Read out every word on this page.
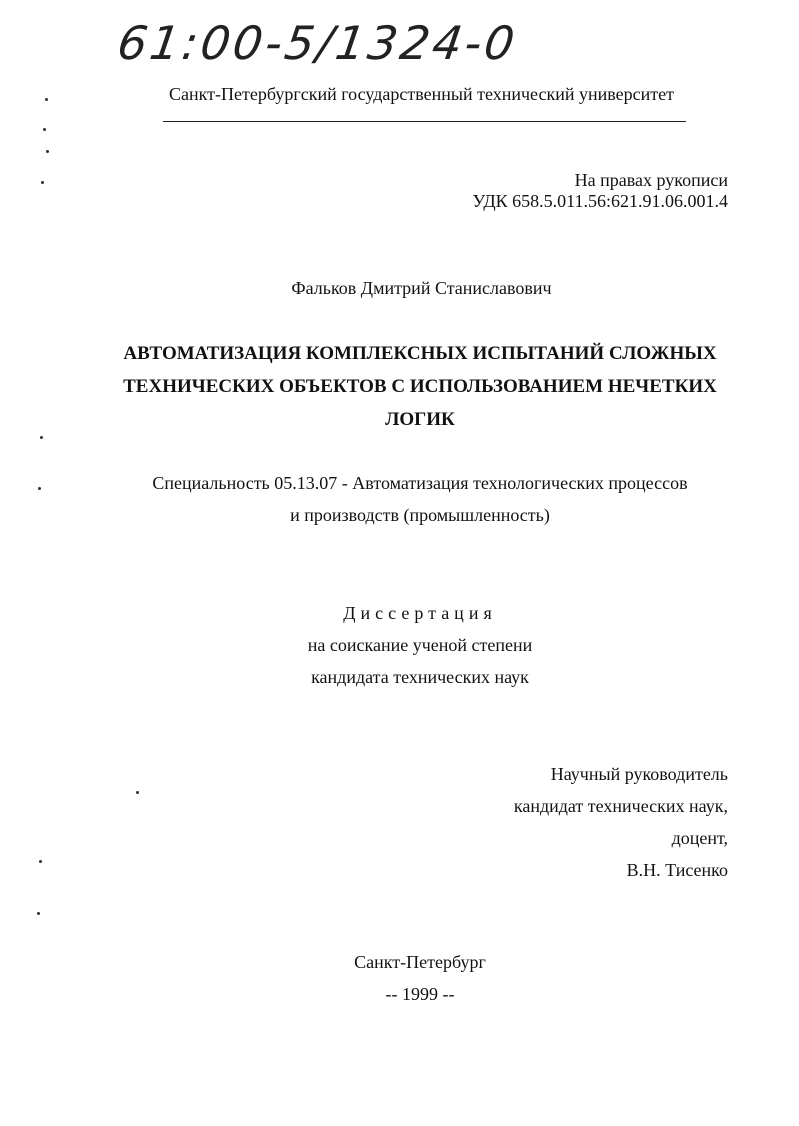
61:00-5/1324-0
Санкт-Петербургский государственный технический университет
На правах рукописи
УДК 658.5.011.56:621.91.06.001.4
Фальков Дмитрий Станиславович
АВТОМАТИЗАЦИЯ КОМПЛЕКСНЫХ ИСПЫТАНИЙ СЛОЖНЫХ
ТЕХНИЧЕСКИХ ОБЪЕКТОВ С ИСПОЛЬЗОВАНИЕМ НЕЧЕТКИХ
ЛОГИК
Специальность 05.13.07 - Автоматизация технологических процессов
и производств (промышленность)
Диссертация
на соискание ученой степени
кандидата технических наук
Научный руководитель
кандидат технических наук,
доцент,
В.Н. Тисенко
Санкт-Петербург
-- 1999 --
